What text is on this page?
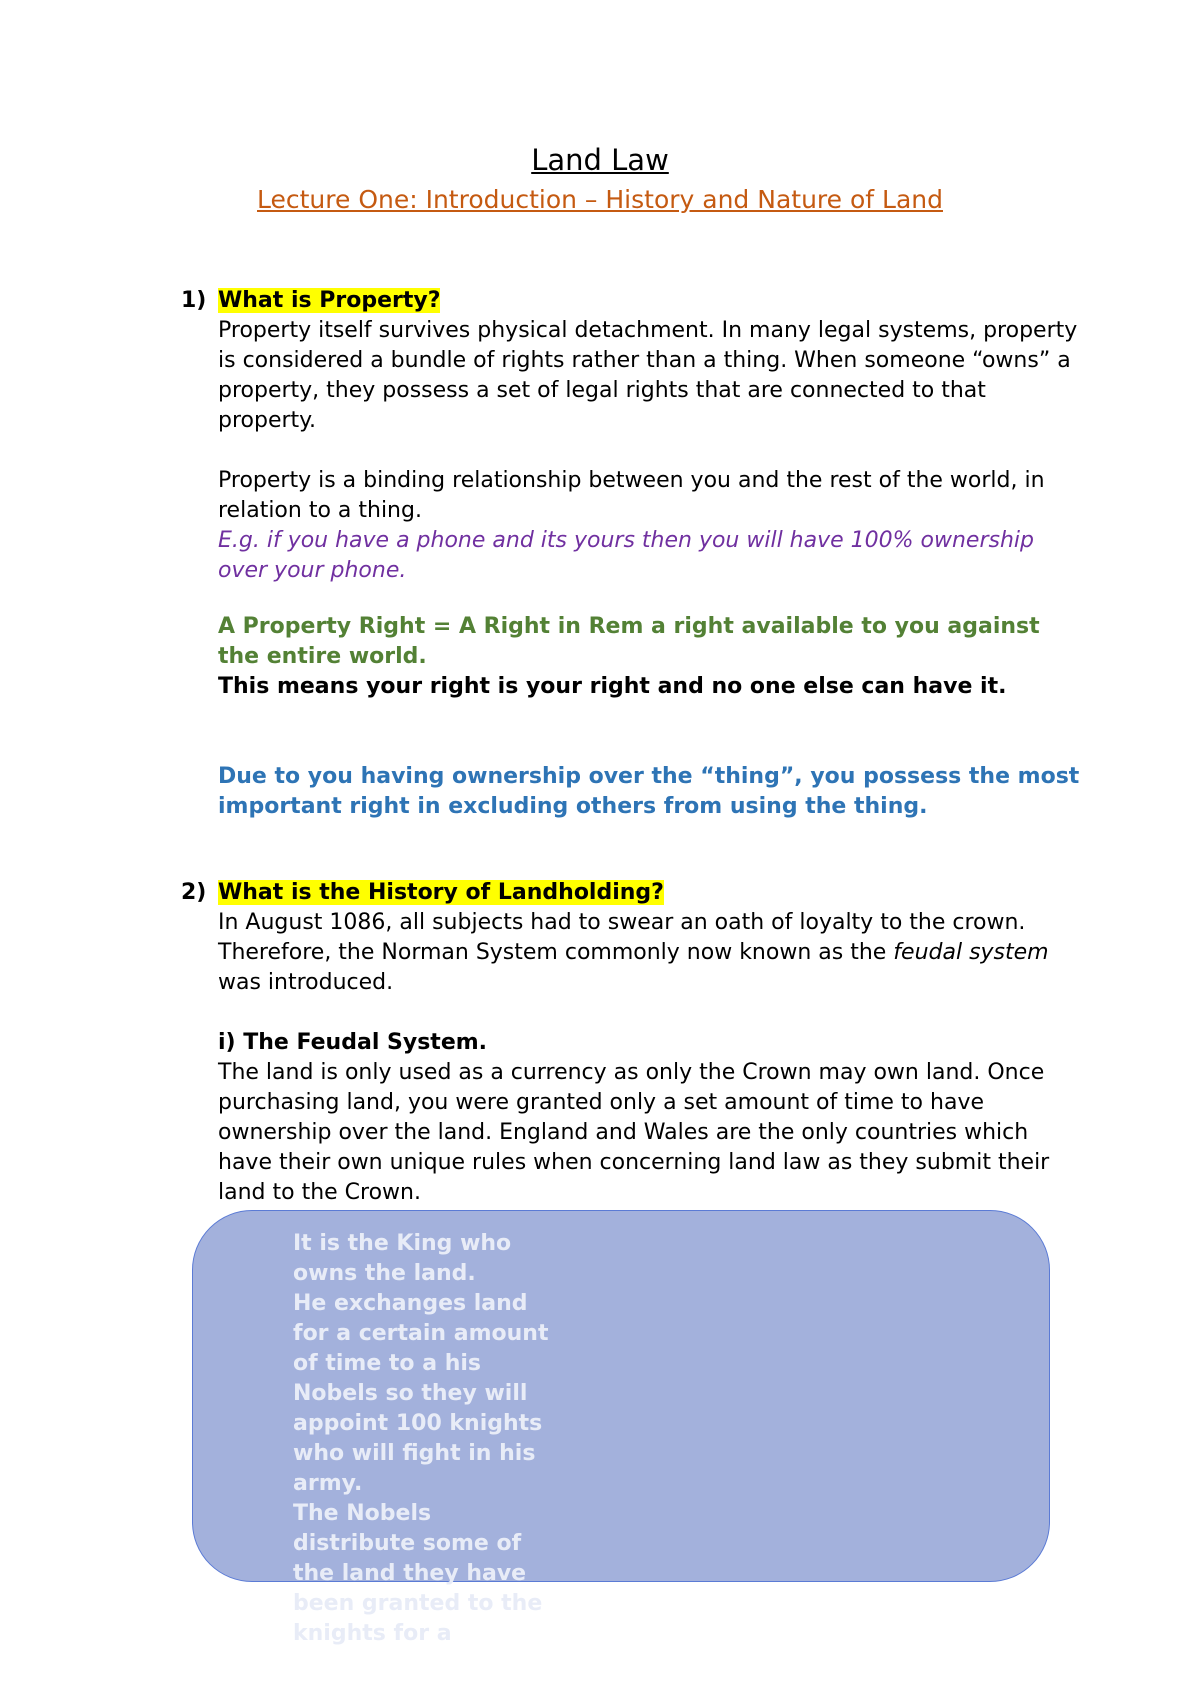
Land Law
Lecture One: Introduction – History and Nature of Land
1) What is Property?
Property itself survives physical detachment. In many legal systems, property is considered a bundle of rights rather than a thing. When someone “owns” a property, they possess a set of legal rights that are connected to that property.
Property is a binding relationship between you and the rest of the world, in relation to a thing.
E.g. if you have a phone and its yours then you will have 100% ownership over your phone.
A Property Right = A Right in Rem a right available to you against the entire world.
This means your right is your right and no one else can have it.
Due to you having ownership over the “thing”, you possess the most important right in excluding others from using the thing.
2) What is the History of Landholding?
In August 1086, all subjects had to swear an oath of loyalty to the crown. Therefore, the Norman System commonly now known as the feudal system was introduced.
i) The Feudal System.
The land is only used as a currency as only the Crown may own land. Once purchasing land, you were granted only a set amount of time to have ownership over the land. England and Wales are the only countries which have their own unique rules when concerning land law as they submit their land to the Crown.
It is the King who owns the land.
He exchanges land for a certain amount of time to a his Nobels so they will appoint 100 knights who will fight in his army.
The Nobels distribute some of the land they have been granted to the knights for a
